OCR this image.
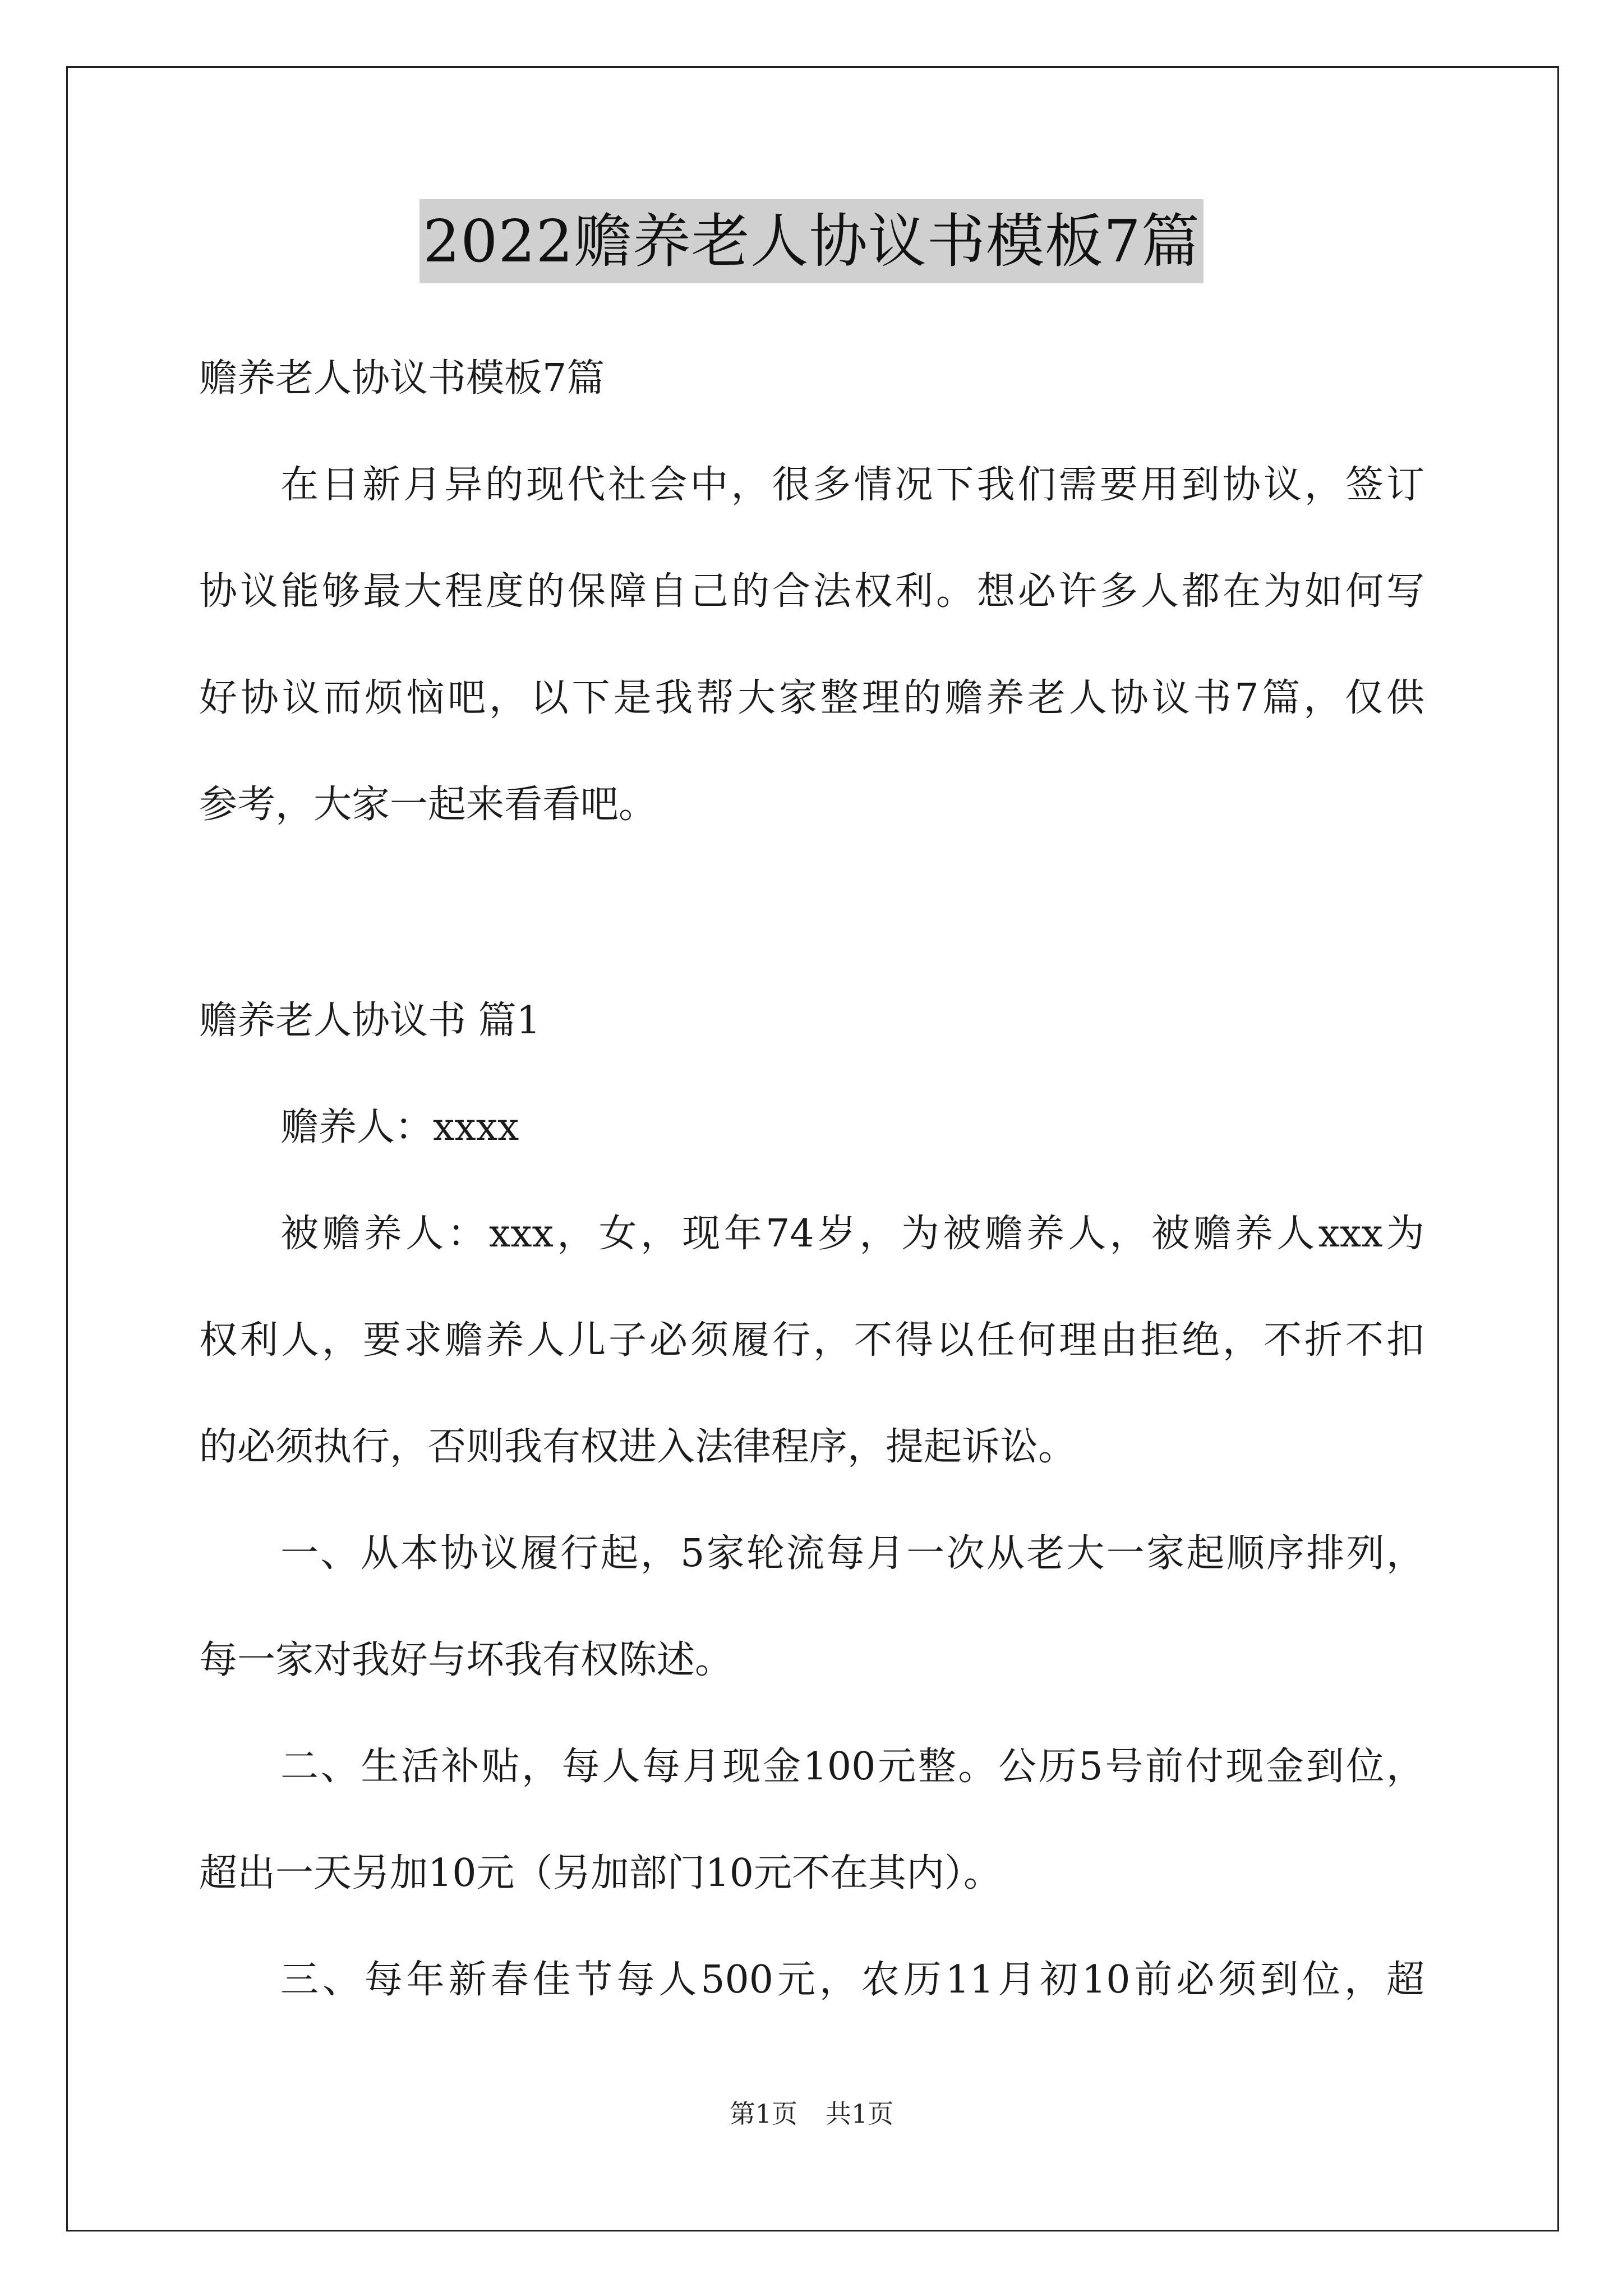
2022赡养老人协议书模板7篇
赡养老人协议书模板7篇
在日新月异的现代社会中，很多情况下我们需要用到协议，签订
协议能够最大程度的保障自己的合法权利。想必许多人都在为如何写
好协议而烦恼吧，以下是我帮大家整理的赡养老人协议书7篇，仅供
参考，大家一起来看看吧。
赡养老人协议书 篇1
赡养人：xxxx
被赡养人：xxx，女，现年74岁，为被赡养人，被赡养人xxx为
权利人，要求赡养人儿子必须履行，不得以任何理由拒绝，不折不扣
的必须执行，否则我有权进入法律程序，提起诉讼。
一、从本协议履行起，5家轮流每月一次从老大一家起顺序排列，
每一家对我好与坏我有权陈述。
二、生活补贴，每人每月现金100元整。公历5号前付现金到位，
超出一天另加10元（另加部门10元不在其内）。
三、每年新春佳节每人500元，农历11月初10前必须到位，超
第1页 共1页
